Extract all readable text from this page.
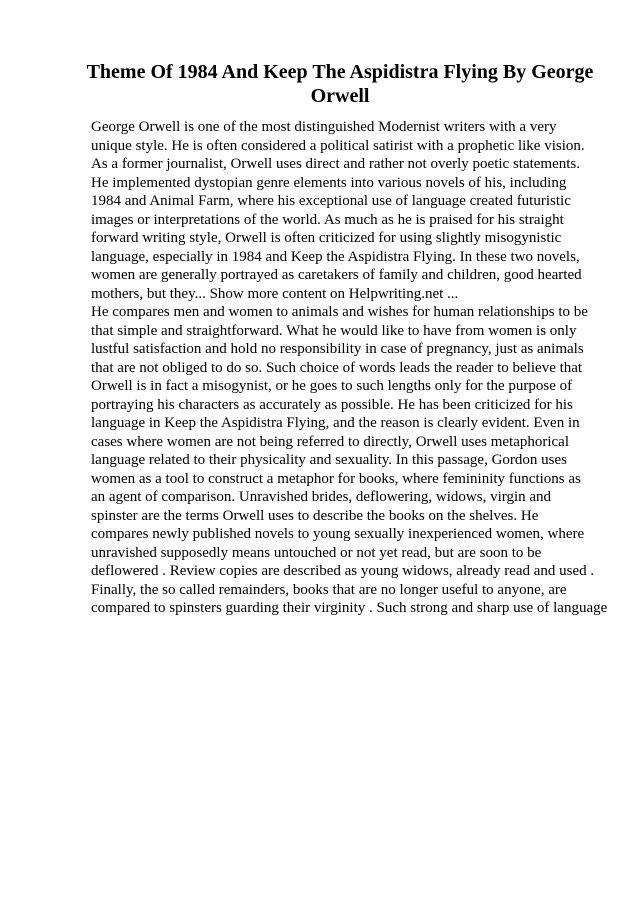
Theme Of 1984 And Keep The Aspidistra Flying By George
Orwell
George Orwell is one of the most distinguished Modernist writers with a very
unique style. He is often considered a political satirist with a prophetic like vision.
As a former journalist, Orwell uses direct and rather not overly poetic statements.
He implemented dystopian genre elements into various novels of his, including
1984 and Animal Farm, where his exceptional use of language created futuristic
images or interpretations of the world. As much as he is praised for his straight
forward writing style, Orwell is often criticized for using slightly misogynistic
language, especially in 1984 and Keep the Aspidistra Flying. In these two novels,
women are generally portrayed as caretakers of family and children, good hearted
mothers, but they... Show more content on Helpwriting.net ...
He compares men and women to animals and wishes for human relationships to be
that simple and straightforward. What he would like to have from women is only
lustful satisfaction and hold no responsibility in case of pregnancy, just as animals
that are not obliged to do so. Such choice of words leads the reader to believe that
Orwell is in fact a misogynist, or he goes to such lengths only for the purpose of
portraying his characters as accurately as possible. He has been criticized for his
language in Keep the Aspidistra Flying, and the reason is clearly evident. Even in
cases where women are not being referred to directly, Orwell uses metaphorical
language related to their physicality and sexuality. In this passage, Gordon uses
women as a tool to construct a metaphor for books, where femininity functions as
an agent of comparison. Unravished brides, deflowering, widows, virgin and
spinster are the terms Orwell uses to describe the books on the shelves. He
compares newly published novels to young sexually inexperienced women, where
unravished supposedly means untouched or not yet read, but are soon to be
deflowered . Review copies are described as young widows, already read and used .
Finally, the so called remainders, books that are no longer useful to anyone, are
compared to spinsters guarding their virginity . Such strong and sharp use of language
